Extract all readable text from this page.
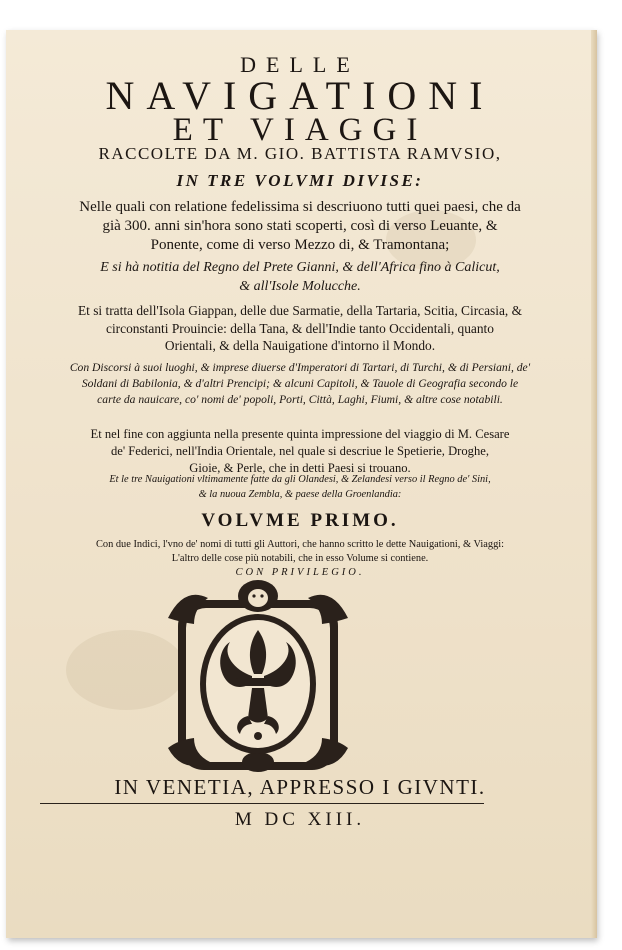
DELLE
NAVIGATIONI
ET VIAGGI
RACCOLTE DA M. GIO. BATTISTA RAMVSIO,
IN TRE VOLVMI DIVISE:
Nelle quali con relatione fedelissima si descriuono tutti quei paesi, che da
già 300. anni sin'hora sono stati scoperti, così di verso Leuante, &
Ponente, come di verso Mezzo di, & Tramontana;
E si hà notitia del Regno del Prete Gianni, & dell'Africa fino à Calicut,
& all'Isole Molucche.
Et si tratta dell'Isola Giappan, delle due Sarmatie, della Tartaria, Scitia, Circasia, &
circonstanti Prouincie: della Tana, & dell'Indie tanto Occidentali, quanto
Orientali, & della Nauigatione d'intorno il Mondo.
Con Discorsi à suoi luoghi, & imprese diuerse d'Imperatori di Tartari, di Turchi, & di Persiani, de'
Soldani di Babilonia, & d'altri Prencipi; & alcuni Capitoli, & Tauole di Geografia secondo le
carte da nauicare, co' nomi de' popoli, Porti, Città, Laghi, Fiumi, & altre cose notabili.
Et nel fine con aggiunta nella presente quinta impressione del viaggio di M. Cesare
de' Federici, nell'India Orientale, nel quale si descriue le Spetierie, Droghe,
Gioie, & Perle, che in detti Paesi si trouano.
Et le tre Nauigationi vltimamente fatte da gli Olandesi, & Zelandesi verso il Regno de' Sini,
& la nuoua Zembla, & paese della Groenlandia:
VOLVME PRIMO.
Con due Indici, l'vno de' nomi di tutti gli Auttori, che hanno scritto le dette Nauigationi, & Viaggi:
L'altro delle cose più notabili, che in esso Volume si contiene.
CON PRIVILEGIO.
IN VENETIA, APPRESSO I GIVNTI.
M DC XIII.
